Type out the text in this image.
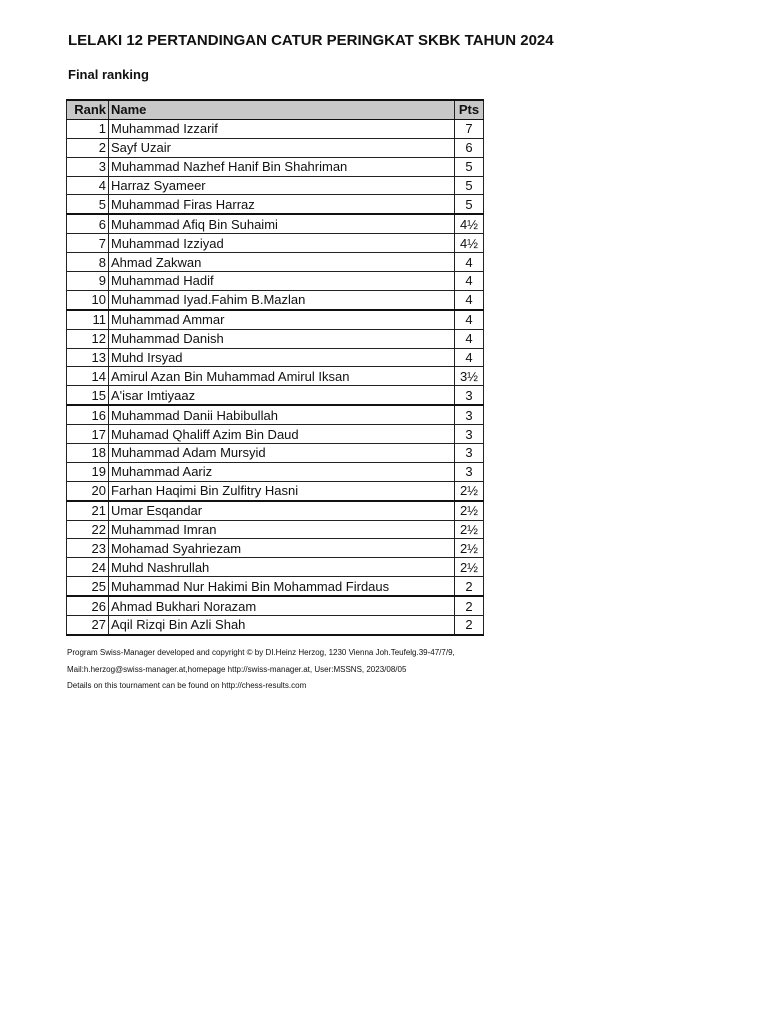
LELAKI 12 PERTANDINGAN CATUR PERINGKAT SKBK TAHUN 2024
Final ranking
Rank	Name	Pts
1	Muhammad Izzarif	7
2	Sayf Uzair	6
3	Muhammad Nazhef Hanif Bin Shahriman	5
4	Harraz Syameer	5
5	Muhammad Firas Harraz	5
6	Muhammad Afiq Bin Suhaimi	4½
7	Muhammad Izziyad	4½
8	Ahmad Zakwan	4
9	Muhammad Hadif	4
10	Muhammad Iyad.Fahim B.Mazlan	4
11	Muhammad Ammar	4
12	Muhammad Danish	4
13	Muhd Irsyad	4
14	Amirul Azan Bin Muhammad Amirul Iksan	3½
15	A'isar Imtiyaaz	3
16	Muhammad Danii Habibullah	3
17	Muhamad Qhaliff Azim Bin Daud	3
18	Muhammad Adam Mursyid	3
19	Muhammad Aariz	3
20	Farhan Haqimi Bin Zulfitry Hasni	2½
21	Umar Esqandar	2½
22	Muhammad Imran	2½
23	Mohamad Syahriezam	2½
24	Muhd Nashrullah	2½
25	Muhammad Nur Hakimi Bin Mohammad Firdaus	2
26	Ahmad Bukhari Norazam	2
27	Aqil Rizqi Bin Azli Shah	2
Program Swiss-Manager developed and copyright © by DI.Heinz Herzog, 1230 Vienna Joh.Teufelg.39-47/7/9,
Mail:h.herzog@swiss-manager.at,homepage http://swiss-manager.at, User:MSSNS, 2023/08/05
Details on this tournament can be found on http://chess-results.com
